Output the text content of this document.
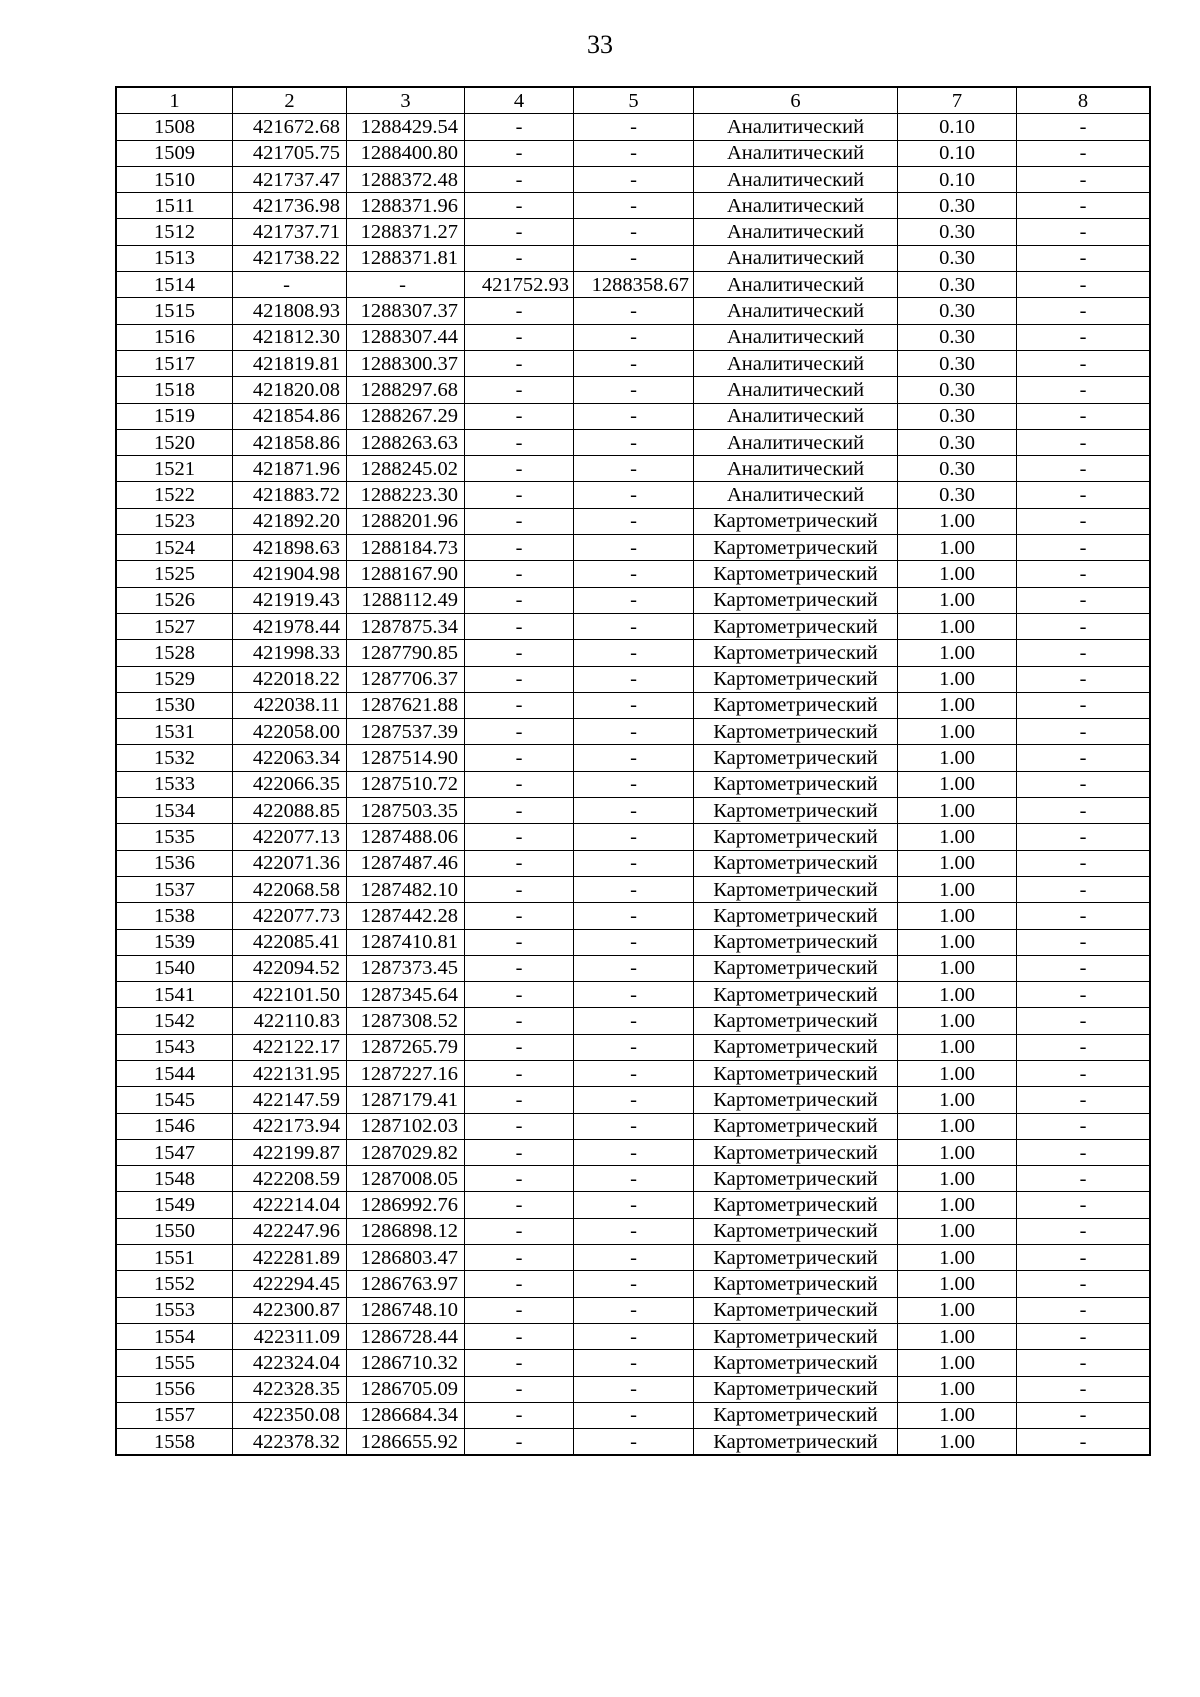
33
1	2	3	4	5	6	7	8
1508	421672.68	1288429.54	-	-	Аналитический	0.10	-
1509	421705.75	1288400.80	-	-	Аналитический	0.10	-
1510	421737.47	1288372.48	-	-	Аналитический	0.10	-
1511	421736.98	1288371.96	-	-	Аналитический	0.30	-
1512	421737.71	1288371.27	-	-	Аналитический	0.30	-
1513	421738.22	1288371.81	-	-	Аналитический	0.30	-
1514	-	-	421752.93	1288358.67	Аналитический	0.30	-
1515	421808.93	1288307.37	-	-	Аналитический	0.30	-
1516	421812.30	1288307.44	-	-	Аналитический	0.30	-
1517	421819.81	1288300.37	-	-	Аналитический	0.30	-
1518	421820.08	1288297.68	-	-	Аналитический	0.30	-
1519	421854.86	1288267.29	-	-	Аналитический	0.30	-
1520	421858.86	1288263.63	-	-	Аналитический	0.30	-
1521	421871.96	1288245.02	-	-	Аналитический	0.30	-
1522	421883.72	1288223.30	-	-	Аналитический	0.30	-
1523	421892.20	1288201.96	-	-	Картометрический	1.00	-
1524	421898.63	1288184.73	-	-	Картометрический	1.00	-
1525	421904.98	1288167.90	-	-	Картометрический	1.00	-
1526	421919.43	1288112.49	-	-	Картометрический	1.00	-
1527	421978.44	1287875.34	-	-	Картометрический	1.00	-
1528	421998.33	1287790.85	-	-	Картометрический	1.00	-
1529	422018.22	1287706.37	-	-	Картометрический	1.00	-
1530	422038.11	1287621.88	-	-	Картометрический	1.00	-
1531	422058.00	1287537.39	-	-	Картометрический	1.00	-
1532	422063.34	1287514.90	-	-	Картометрический	1.00	-
1533	422066.35	1287510.72	-	-	Картометрический	1.00	-
1534	422088.85	1287503.35	-	-	Картометрический	1.00	-
1535	422077.13	1287488.06	-	-	Картометрический	1.00	-
1536	422071.36	1287487.46	-	-	Картометрический	1.00	-
1537	422068.58	1287482.10	-	-	Картометрический	1.00	-
1538	422077.73	1287442.28	-	-	Картометрический	1.00	-
1539	422085.41	1287410.81	-	-	Картометрический	1.00	-
1540	422094.52	1287373.45	-	-	Картометрический	1.00	-
1541	422101.50	1287345.64	-	-	Картометрический	1.00	-
1542	422110.83	1287308.52	-	-	Картометрический	1.00	-
1543	422122.17	1287265.79	-	-	Картометрический	1.00	-
1544	422131.95	1287227.16	-	-	Картометрический	1.00	-
1545	422147.59	1287179.41	-	-	Картометрический	1.00	-
1546	422173.94	1287102.03	-	-	Картометрический	1.00	-
1547	422199.87	1287029.82	-	-	Картометрический	1.00	-
1548	422208.59	1287008.05	-	-	Картометрический	1.00	-
1549	422214.04	1286992.76	-	-	Картометрический	1.00	-
1550	422247.96	1286898.12	-	-	Картометрический	1.00	-
1551	422281.89	1286803.47	-	-	Картометрический	1.00	-
1552	422294.45	1286763.97	-	-	Картометрический	1.00	-
1553	422300.87	1286748.10	-	-	Картометрический	1.00	-
1554	422311.09	1286728.44	-	-	Картометрический	1.00	-
1555	422324.04	1286710.32	-	-	Картометрический	1.00	-
1556	422328.35	1286705.09	-	-	Картометрический	1.00	-
1557	422350.08	1286684.34	-	-	Картометрический	1.00	-
1558	422378.32	1286655.92	-	-	Картометрический	1.00	-
